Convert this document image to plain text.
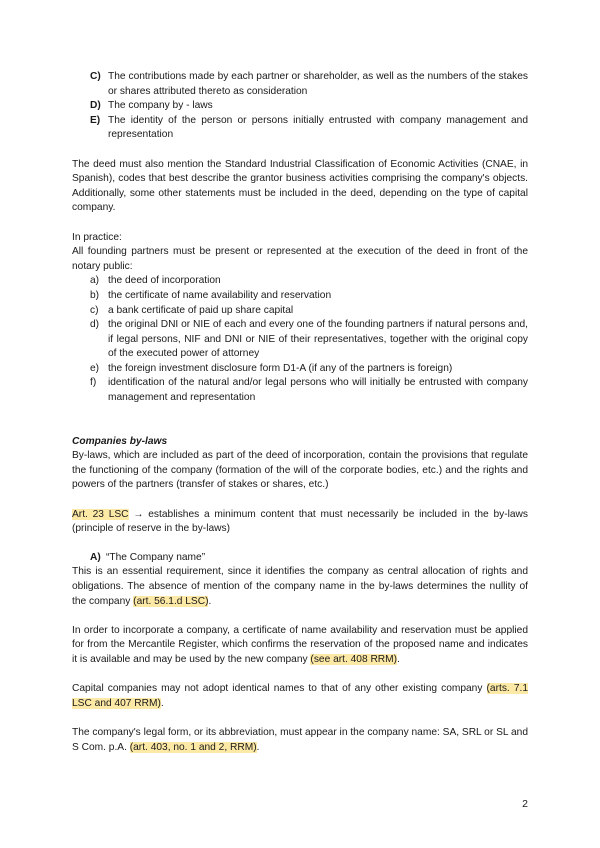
C) The contributions made by each partner or shareholder, as well as the numbers of the stakes or shares attributed thereto as consideration
D) The company by - laws
E) The identity of the person or persons initially entrusted with company management and representation

The deed must also mention the Standard Industrial Classification of Economic Activities (CNAE, in Spanish), codes that best describe the grantor business activities comprising the company's objects. Additionally, some other statements must be included in the deed, depending on the type of capital company.

In practice:

All founding partners must be present or represented at the execution of the deed in front of the notary public:

a) the deed of incorporation
b) the certificate of name availability and reservation
c) a bank certificate of paid up share capital
d) the original DNI or NIE of each and every one of the founding partners if natural persons and, if legal persons, NIF and DNI or NIE of their representatives, together with the original copy of the executed power of attorney
e) the foreign investment disclosure form D1-A (if any of the partners is foreign)
f)	identification of the natural and/or legal persons who will initially be entrusted with company management and representation

Companies by-laws

By-laws, which are included as part of the deed of incorporation, contain the provisions that regulate the functioning of the company (formation of the will of the corporate bodies, etc.) and the rights and powers of the partners (transfer of stakes or shares, etc.)

Art. 23 LSC → establishes a minimum content that must necessarily be included in the by-laws (principle of reserve in the by-laws)

A) “The Company name”

This is an essential requirement, since it identifies the company as central allocation of rights and obligations. The absence of mention of the company name in the by-laws determines the nullity of the company (art. 56.1.d LSC).

In order to incorporate a company, a certificate of name availability and reservation must be applied for from the Mercantile Register, which confirms the reservation of the proposed name and indicates it is available and may be used by the new company (see art. 408 RRM).

Capital companies may not adopt identical names to that of any other existing company (arts. 7.1 LSC and 407 RRM).

The company's legal form, or its abbreviation, must appear in the company name: SA, SRL or SL and S Com. p.A. (art. 403, no. 1 and 2, RRM).

2
